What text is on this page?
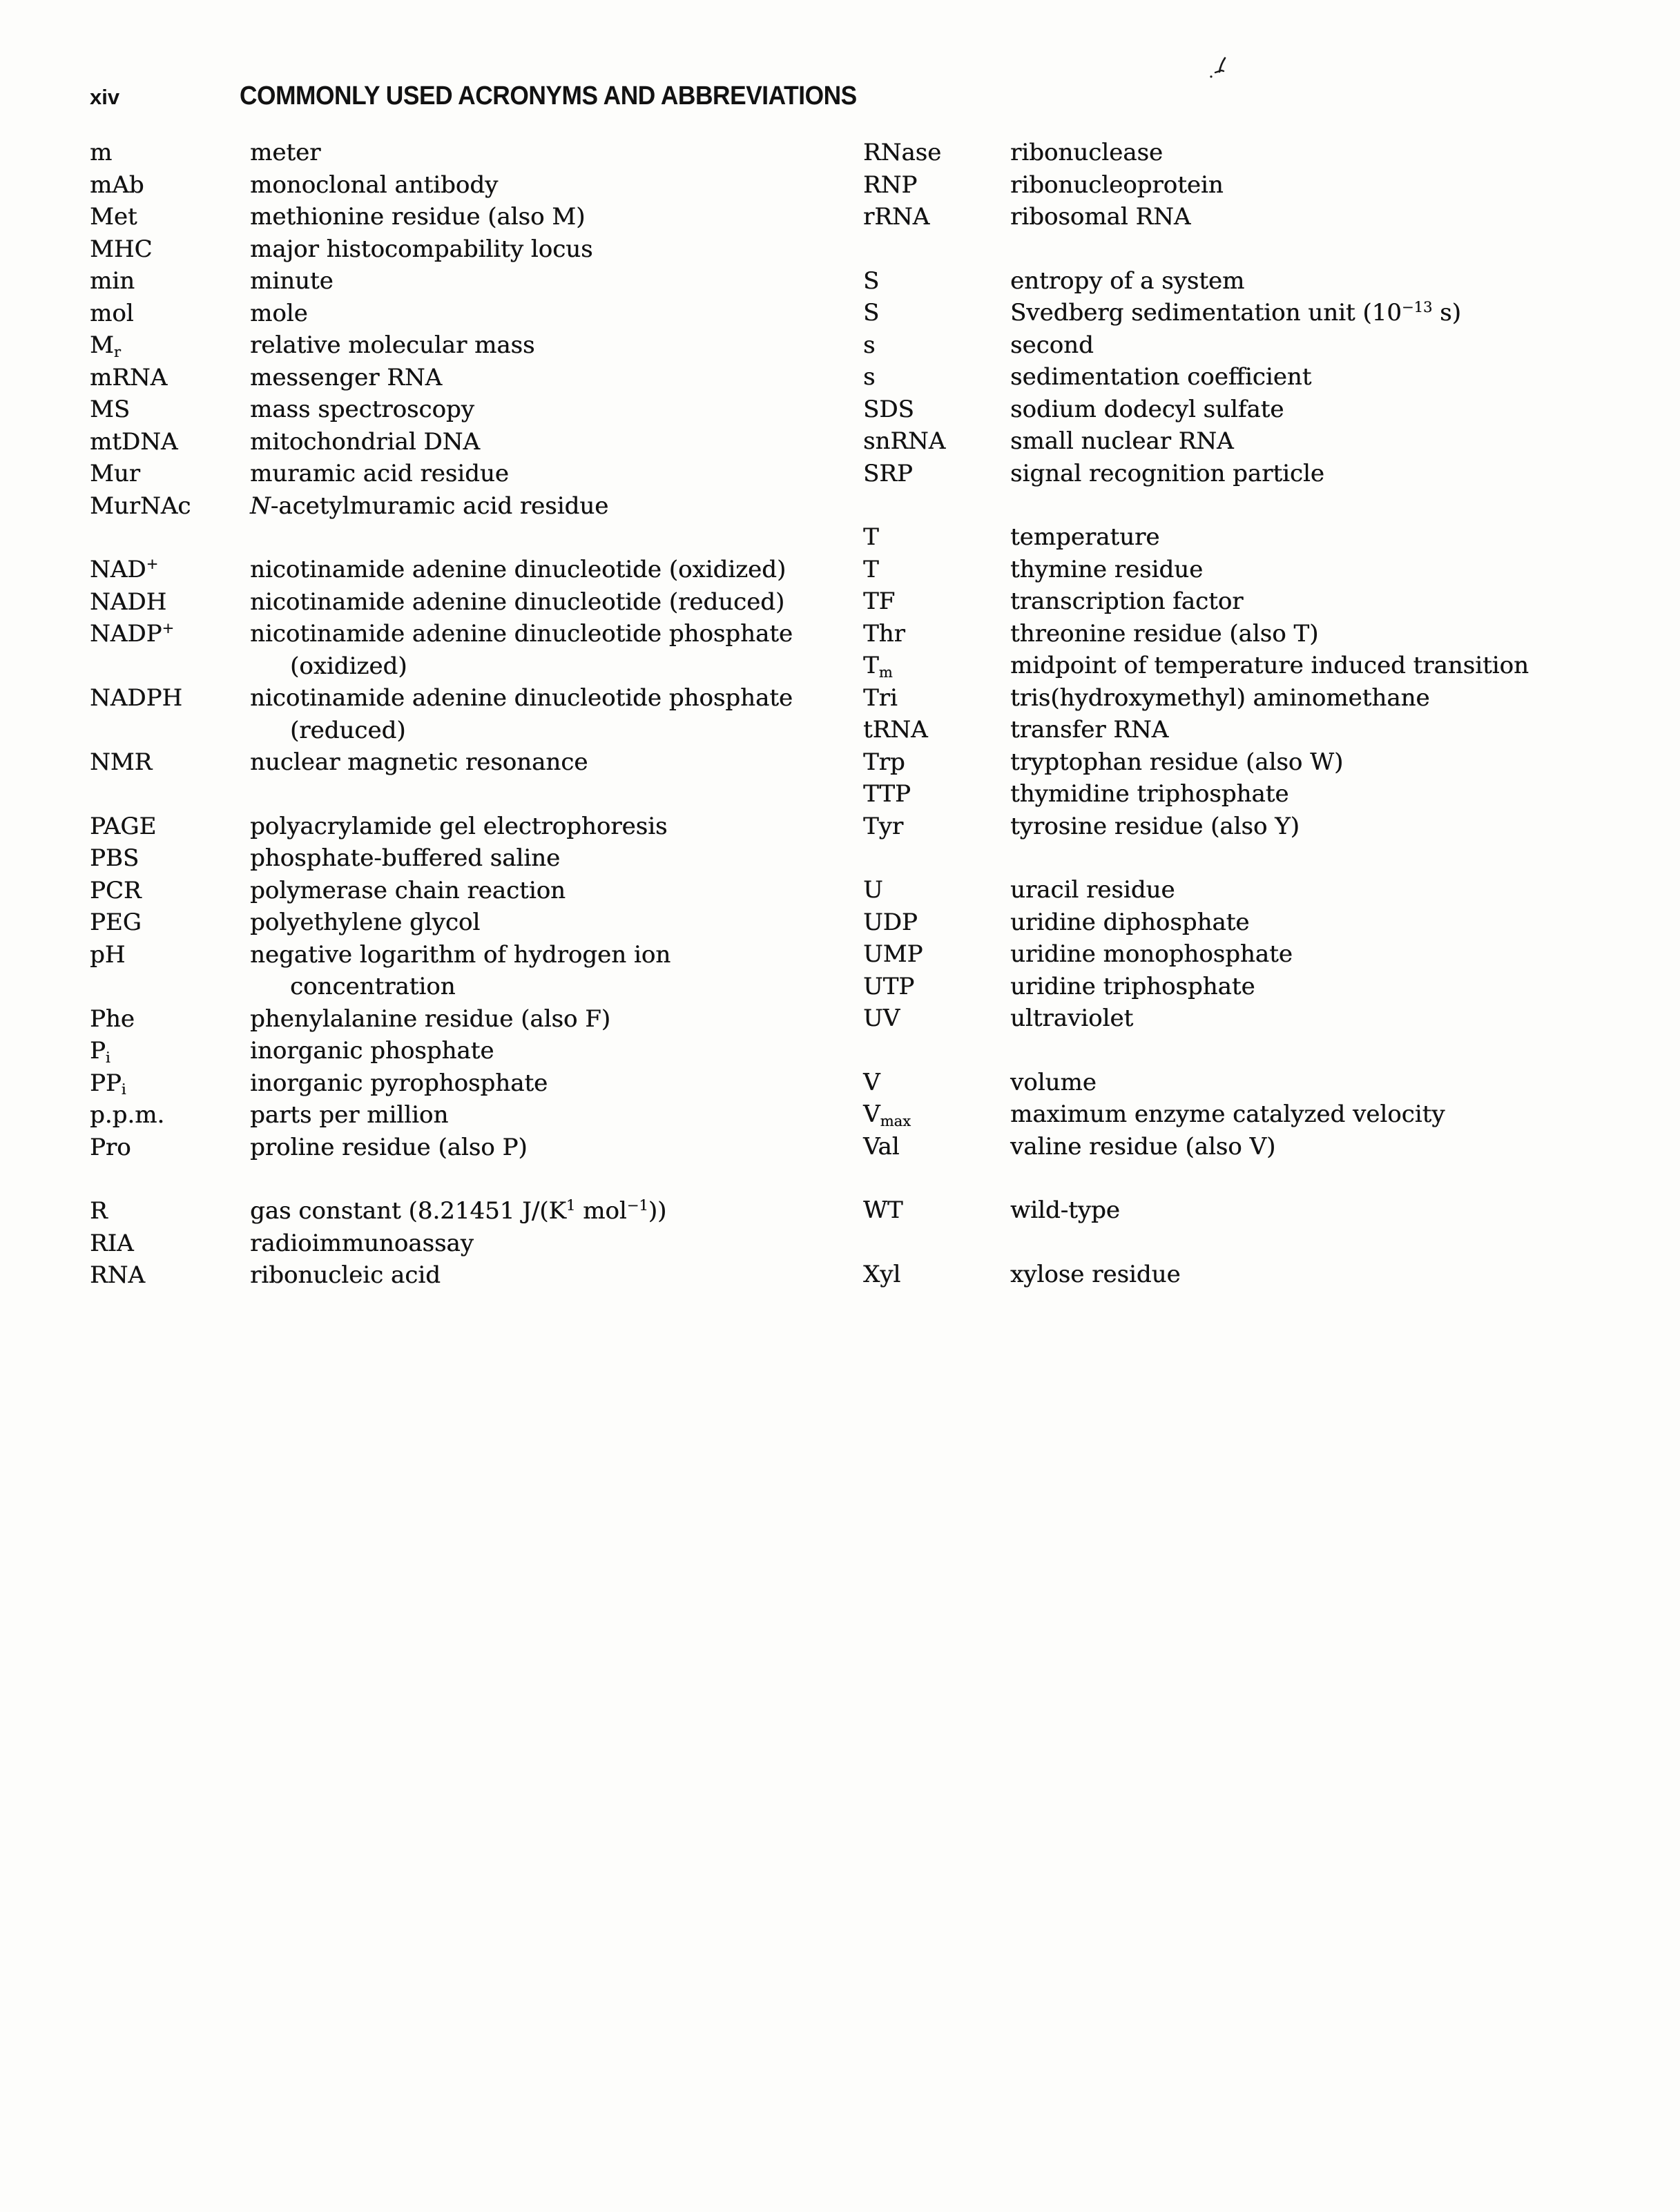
xiv	COMMONLY USED ACRONYMS AND ABBREVIATIONS
m	meter
mAb	monoclonal antibody
Met	methionine residue (also M)
MHC	major histocompability locus
min	minute
mol	mole
$M_r$	relative molecular mass
mRNA	messenger RNA
MS	mass spectroscopy
mtDNA	mitochondrial DNA
Mur	muramic acid residue
MurNAc	N-acetylmuramic acid residue
NAD+	nicotinamide adenine dinucleotide (oxidized)
NADH	nicotinamide adenine dinucleotide (reduced)
NADP+	nicotinamide adenine dinucleotide phosphate
(oxidized)
NADPH	nicotinamide adenine dinucleotide phosphate
(reduced)
NMR	nuclear magnetic resonance
PAGE	polyacrylamide gel electrophoresis
PBS	phosphate-buffered saline
PCR	polymerase chain reaction
PEG	polyethylene glycol
pH	negative logarithm of hydrogen ion
concentration
Phe	phenylalanine residue (also F)
$P_i$	inorganic phosphate
$PP_i$	inorganic pyrophosphate
p.p.m.	parts per million
Pro	proline residue (also P)
R	gas constant (8.21451 $J/(K^1$ mol$^{-1}$))
RIA	radioimmunoassay
RNA	ribonucleic acid
RNase	ribonuclease
RNP	ribonucleoprotein
rRNA	ribosomal RNA
S	entropy of a system
S	Svedberg sedimentation unit ($10^{-13}$ s)
s	second
s	sedimentation coefficient
SDS	sodium dodecyl sulfate
snRNA	small nuclear RNA
SRP	signal recognition particle
T	temperature
T	thymine residue
TF	transcription factor
Thr	threonine residue (also T)
$T_m$	midpoint of temperature induced transition
Tri	tris(hydroxymethyl) aminomethane
tRNA	transfer RNA
Trp	tryptophan residue (also W)
TTP	thymidine triphosphate
Tyr	tyrosine residue (also Y)
U	uracil residue
UDP	uridine diphosphate
UMP	uridine monophosphate
UTP	uridine triphosphate
UV	ultraviolet
V	volume
$V_{max}$	maximum enzyme catalyzed velocity
Val	valine residue (also V)
WT	wild-type
Xyl	xylose residue
